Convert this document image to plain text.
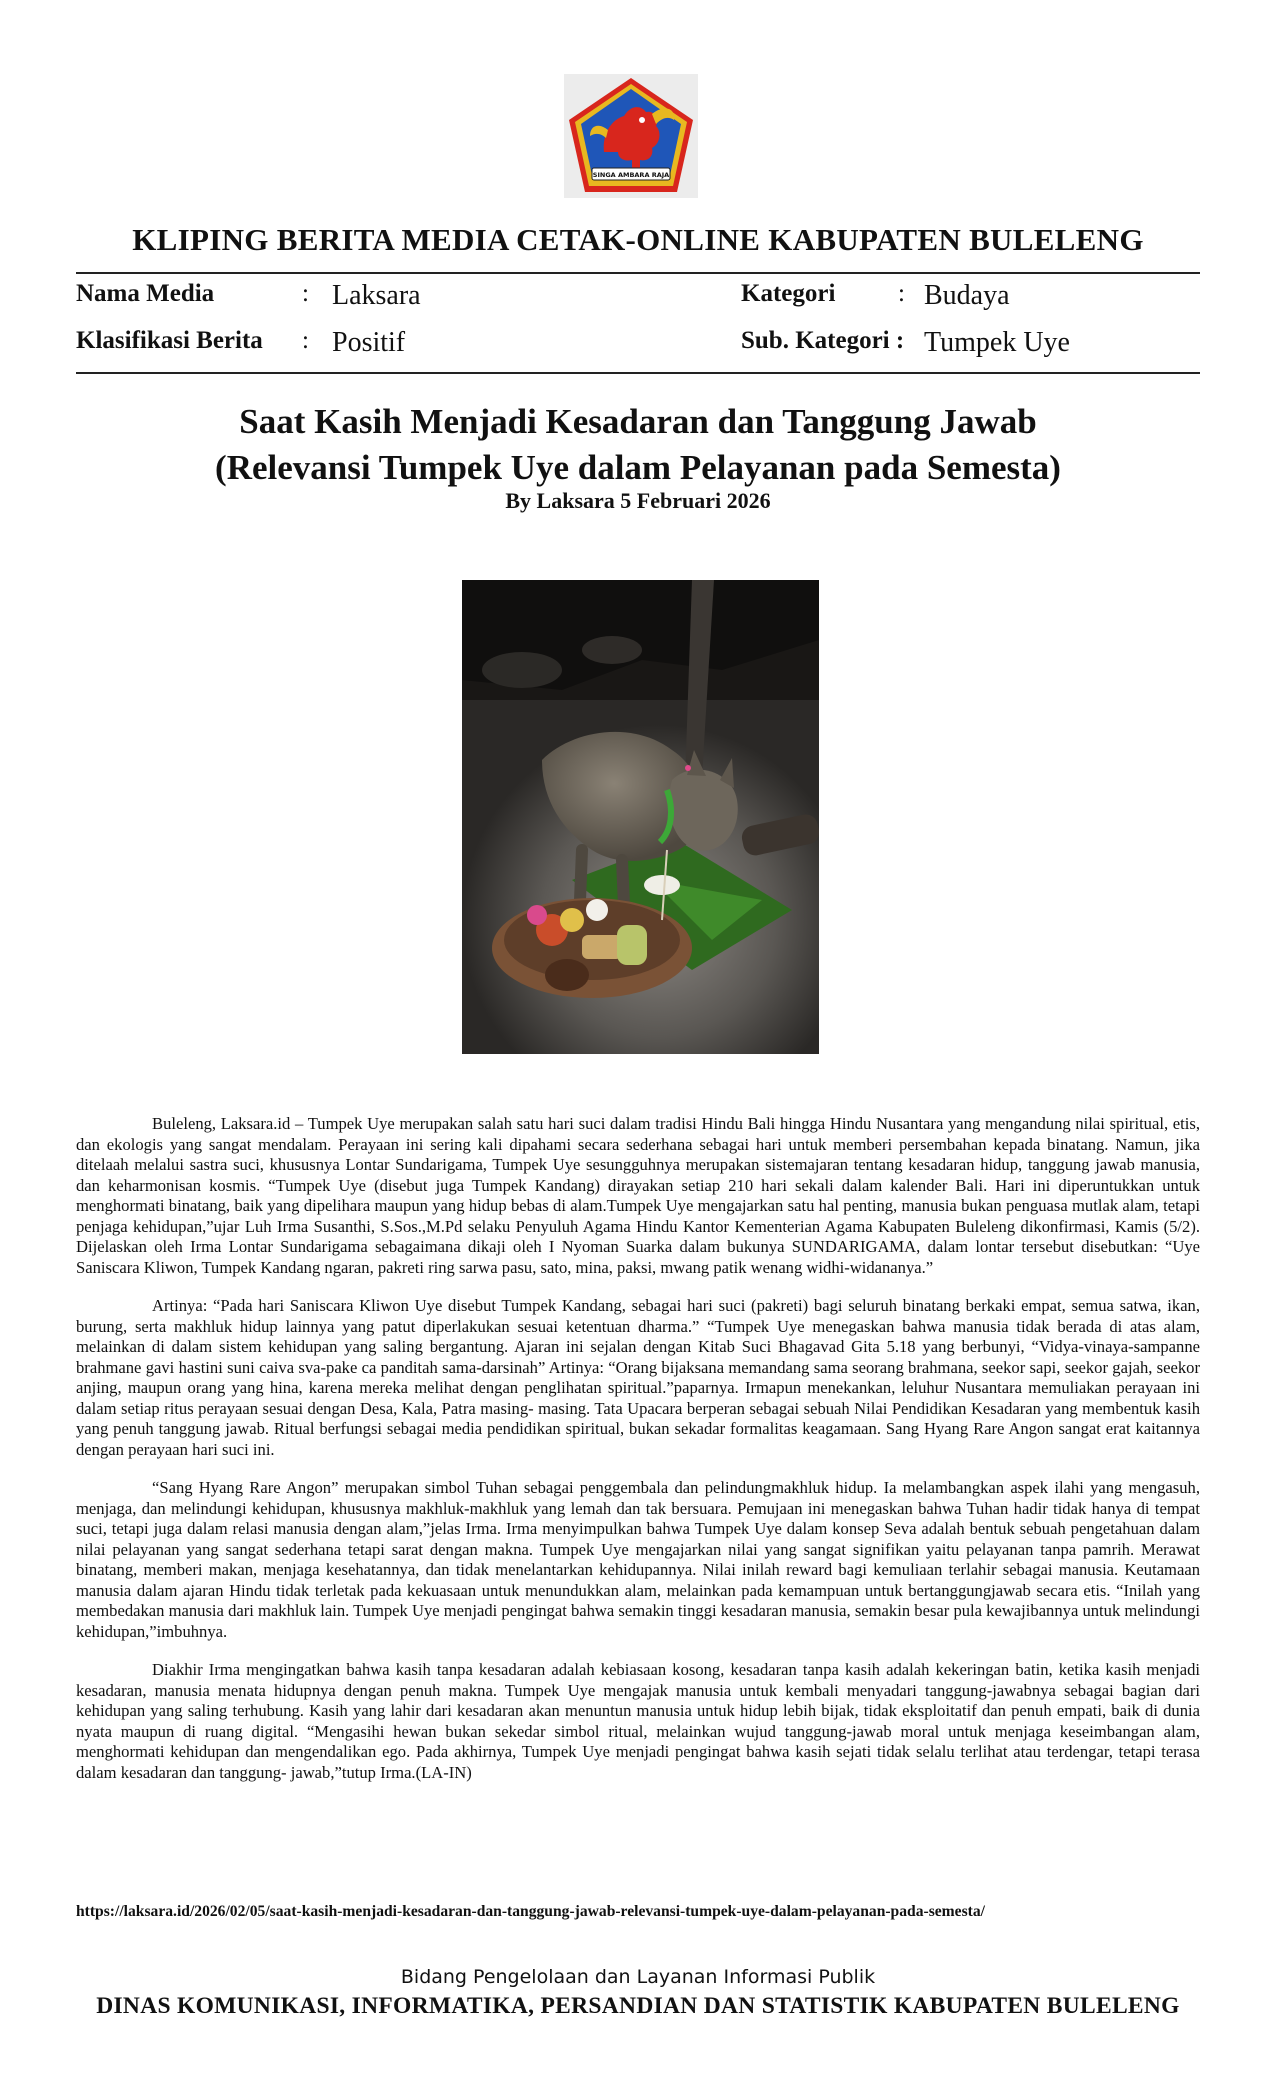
SINGA AMBARA RAJA
KLIPING BERITA MEDIA CETAK-ONLINE KABUPATEN BULELENG
Nama Media	: Laksara
Klasifikasi Berita : Positif
Kategori	: Budaya
Sub. Kategori : Tumpek Uye
Saat Kasih Menjadi Kesadaran dan Tanggung Jawab
(Relevansi Tumpek Uye dalam Pelayanan pada Semesta)
By Laksara 5 Februari 2026

Buleleng, Laksara.id – Tumpek Uye merupakan salah satu hari suci dalam tradisi Hindu Bali hingga Hindu Nusantara yang mengandung nilai spiritual, etis, dan ekologis yang sangat mendalam. Perayaan ini sering kali dipahami secara sederhana sebagai hari untuk memberi persembahan kepada binatang. Namun, jika ditelaah melalui sastra suci, khususnya Lontar Sundarigama, Tumpek Uye sesungguhnya merupakan sistemajaran tentang kesadaran hidup, tanggung jawab manusia, dan keharmonisan kosmis. “Tumpek Uye (disebut juga Tumpek Kandang) dirayakan setiap 210 hari sekali dalam kalender Bali. Hari ini diperuntukkan untuk menghormati binatang, baik yang dipelihara maupun yang hidup bebas di alam.Tumpek Uye mengajarkan satu hal penting, manusia bukan penguasa mutlak alam, tetapi penjaga kehidupan,”ujar Luh Irma Susanthi, S.Sos.,M.Pd selaku Penyuluh Agama Hindu Kantor Kementerian Agama Kabupaten Buleleng dikonfirmasi, Kamis (5/2). Dijelaskan oleh Irma Lontar Sundarigama sebagaimana dikaji oleh I Nyoman Suarka dalam bukunya SUNDARIGAMA, dalam lontar tersebut disebutkan: “Uye Saniscara Kliwon, Tumpek Kandang ngaran, pakreti ring sarwa pasu, sato, mina, paksi, mwang patik wenang widhi-widananya.”

Artinya: “Pada hari Saniscara Kliwon Uye disebut Tumpek Kandang, sebagai hari suci (pakreti) bagi seluruh binatang berkaki empat, semua satwa, ikan, burung, serta makhluk hidup lainnya yang patut diperlakukan sesuai ketentuan dharma.” “Tumpek Uye menegaskan bahwa manusia tidak berada di atas alam, melainkan di dalam sistem kehidupan yang saling bergantung. Ajaran ini sejalan dengan Kitab Suci Bhagavad Gita 5.18 yang berbunyi, “Vidya-vinaya-sampanne brahmane gavi hastini suni caiva sva-pake ca panditah sama-darsinah” Artinya: “Orang bijaksana memandang sama seorang brahmana, seekor sapi, seekor gajah, seekor anjing, maupun orang yang hina, karena mereka melihat dengan penglihatan spiritual.”paparnya. Irmapun menekankan, leluhur Nusantara memuliakan perayaan ini dalam setiap ritus perayaan sesuai dengan Desa, Kala, Patra masing- masing. Tata Upacara berperan sebagai sebuah Nilai Pendidikan Kesadaran yang membentuk kasih yang penuh tanggung jawab. Ritual berfungsi sebagai media pendidikan spiritual, bukan sekadar formalitas keagamaan. Sang Hyang Rare Angon sangat erat kaitannya dengan perayaan hari suci ini.

“Sang Hyang Rare Angon” merupakan simbol Tuhan sebagai penggembala dan pelindungmakhluk hidup. Ia melambangkan aspek ilahi yang mengasuh, menjaga, dan melindungi kehidupan, khususnya makhluk-makhluk yang lemah dan tak bersuara. Pemujaan ini menegaskan bahwa Tuhan hadir tidak hanya di tempat suci, tetapi juga dalam relasi manusia dengan alam,”jelas Irma. Irma menyimpulkan bahwa Tumpek Uye dalam konsep Seva adalah bentuk sebuah pengetahuan dalam nilai pelayanan yang sangat sederhana tetapi sarat dengan makna. Tumpek Uye mengajarkan nilai yang sangat signifikan yaitu pelayanan tanpa pamrih. Merawat binatang, memberi makan, menjaga kesehatannya, dan tidak menelantarkan kehidupannya. Nilai inilah reward bagi kemuliaan terlahir sebagai manusia. Keutamaan manusia dalam ajaran Hindu tidak terletak pada kekuasaan untuk menundukkan alam, melainkan pada kemampuan untuk bertanggungjawab secara etis. “Inilah yang membedakan manusia dari makhluk lain. Tumpek Uye menjadi pengingat bahwa semakin tinggi kesadaran manusia, semakin besar pula kewajibannya untuk melindungi kehidupan,”imbuhnya.

Diakhir Irma mengingatkan bahwa kasih tanpa kesadaran adalah kebiasaan kosong, kesadaran tanpa kasih adalah kekeringan batin, ketika kasih menjadi kesadaran, manusia menata hidupnya dengan penuh makna. Tumpek Uye mengajak manusia untuk kembali menyadari tanggung-jawabnya sebagai bagian dari kehidupan yang saling terhubung. Kasih yang lahir dari kesadaran akan menuntun manusia untuk hidup lebih bijak, tidak eksploitatif dan penuh empati, baik di dunia nyata maupun di ruang digital. “Mengasihi hewan bukan sekedar simbol ritual, melainkan wujud tanggung-jawab moral untuk menjaga keseimbangan alam, menghormati kehidupan dan mengendalikan ego. Pada akhirnya, Tumpek Uye menjadi pengingat bahwa kasih sejati tidak selalu terlihat atau terdengar, tetapi terasa dalam kesadaran dan tanggung- jawab,”tutup Irma.(LA-IN)

https://laksara.id/2026/02/05/saat-kasih-menjadi-kesadaran-dan-tanggung-jawab-relevansi-tumpek-uye-dalam-pelayanan-pada-semesta/
Bidang Pengelolaan dan Layanan Informasi Publik
DINAS KOMUNIKASI, INFORMATIKA, PERSANDIAN DAN STATISTIK KABUPATEN BULELENG
